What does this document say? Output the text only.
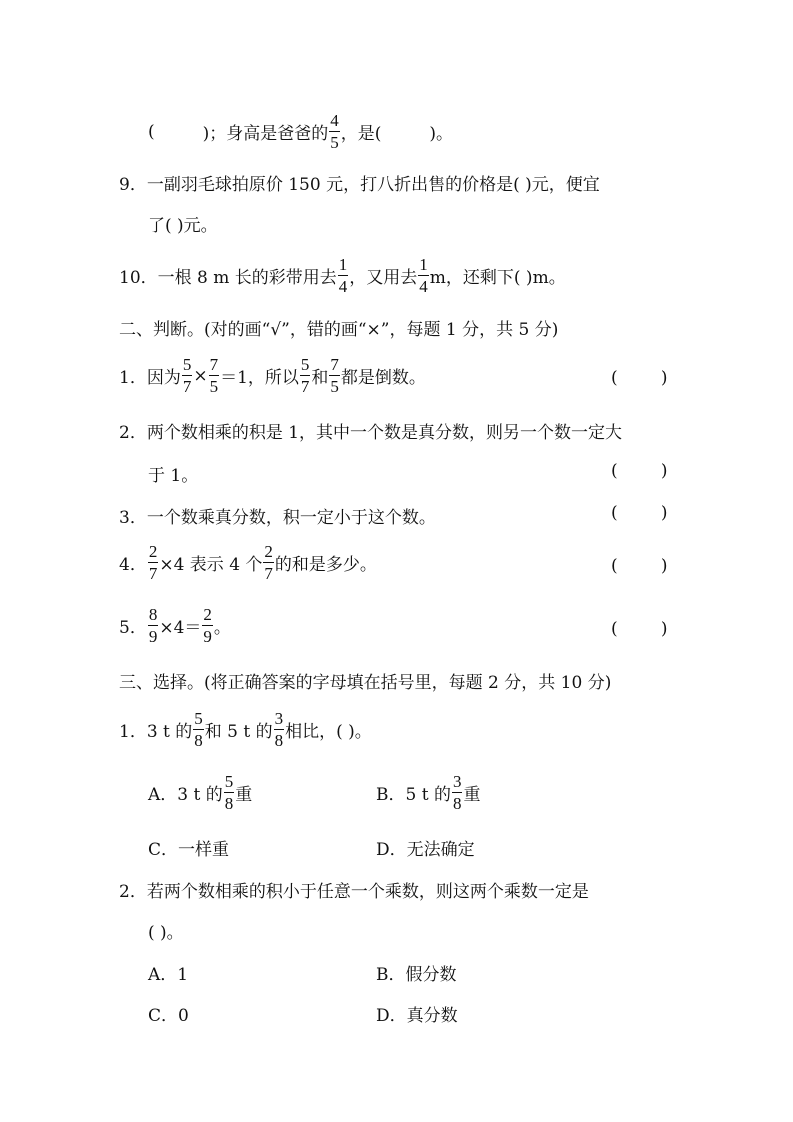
(	)；身高是爸爸的 $\frac{4}{5}$ ，是(	)。
9．一副羽毛球拍原价 150 元，打八折出售的价格是( )元，便宜
了( )元。
10．一根 8 m 长的彩带用去 $\frac{1}{4}$ ，又用去 $\frac{1}{4}$ m，还剩下( )m。
二、判断。(对的画“√”，错的画“×”，每题 1 分，共 5 分)
1．因为 $\frac{5}{7} \times \frac{7}{5} =1$，所以 $\frac{5}{7}$ 和 $\frac{7}{5}$ 都是倒数。	(        )
2．两个数相乘的积是 1，其中一个数是真分数，则另一个数一定大
于 1。	(        )
3．一个数乘真分数，积一定小于这个数。	(        )
4． $\frac{2}{7} \times 4$ 表示 4 个 $\frac{2}{7}$ 的和是多少。	(        )
5． $\frac{8}{9} \times 4= \frac{2}{9}$ 。	(        )
三、选择。(将正确答案的字母填在括号里，每题 2 分，共 10 分)
1．3 t 的 $\frac{5}{8}$ 和 5 t 的 $\frac{3}{8}$ 相比，( )。
A．3 t 的 $\frac{5}{8}$ 重	B．5 t 的 $\frac{3}{8}$ 重
C．一样重	D．无法确定
2．若两个数相乘的积小于任意一个乘数，则这两个乘数一定是
( )。
A．1	B．假分数
C．0	D．真分数
